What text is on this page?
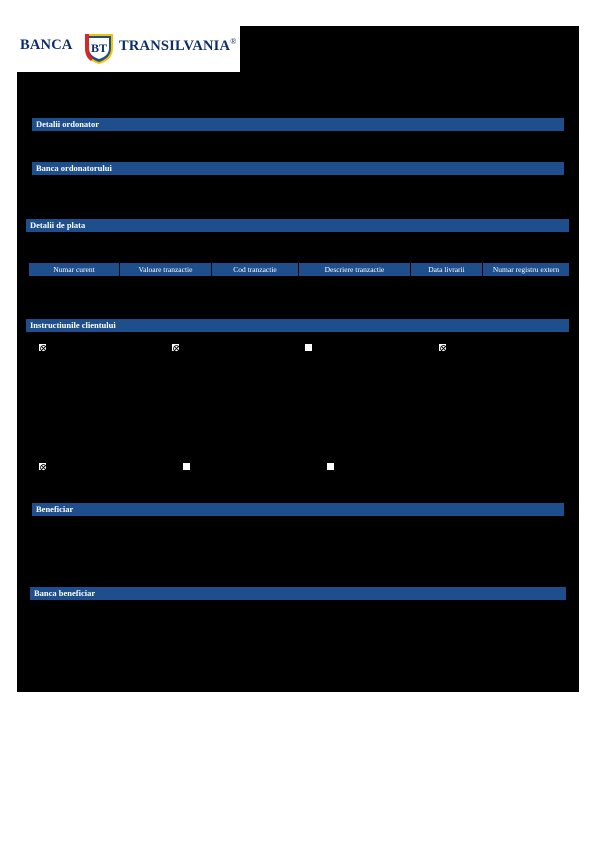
BANCA BT TRANSILVANIA®
Detalii ordonator
Banca ordonatorului
Detalii de plata
Numar curent	Valoare tranzactie	Cod tranzactie	Descriere tranzactie	Data livrarii	Numar registru extern
Instructiunile clientului
Beneficiar
Banca beneficiar
